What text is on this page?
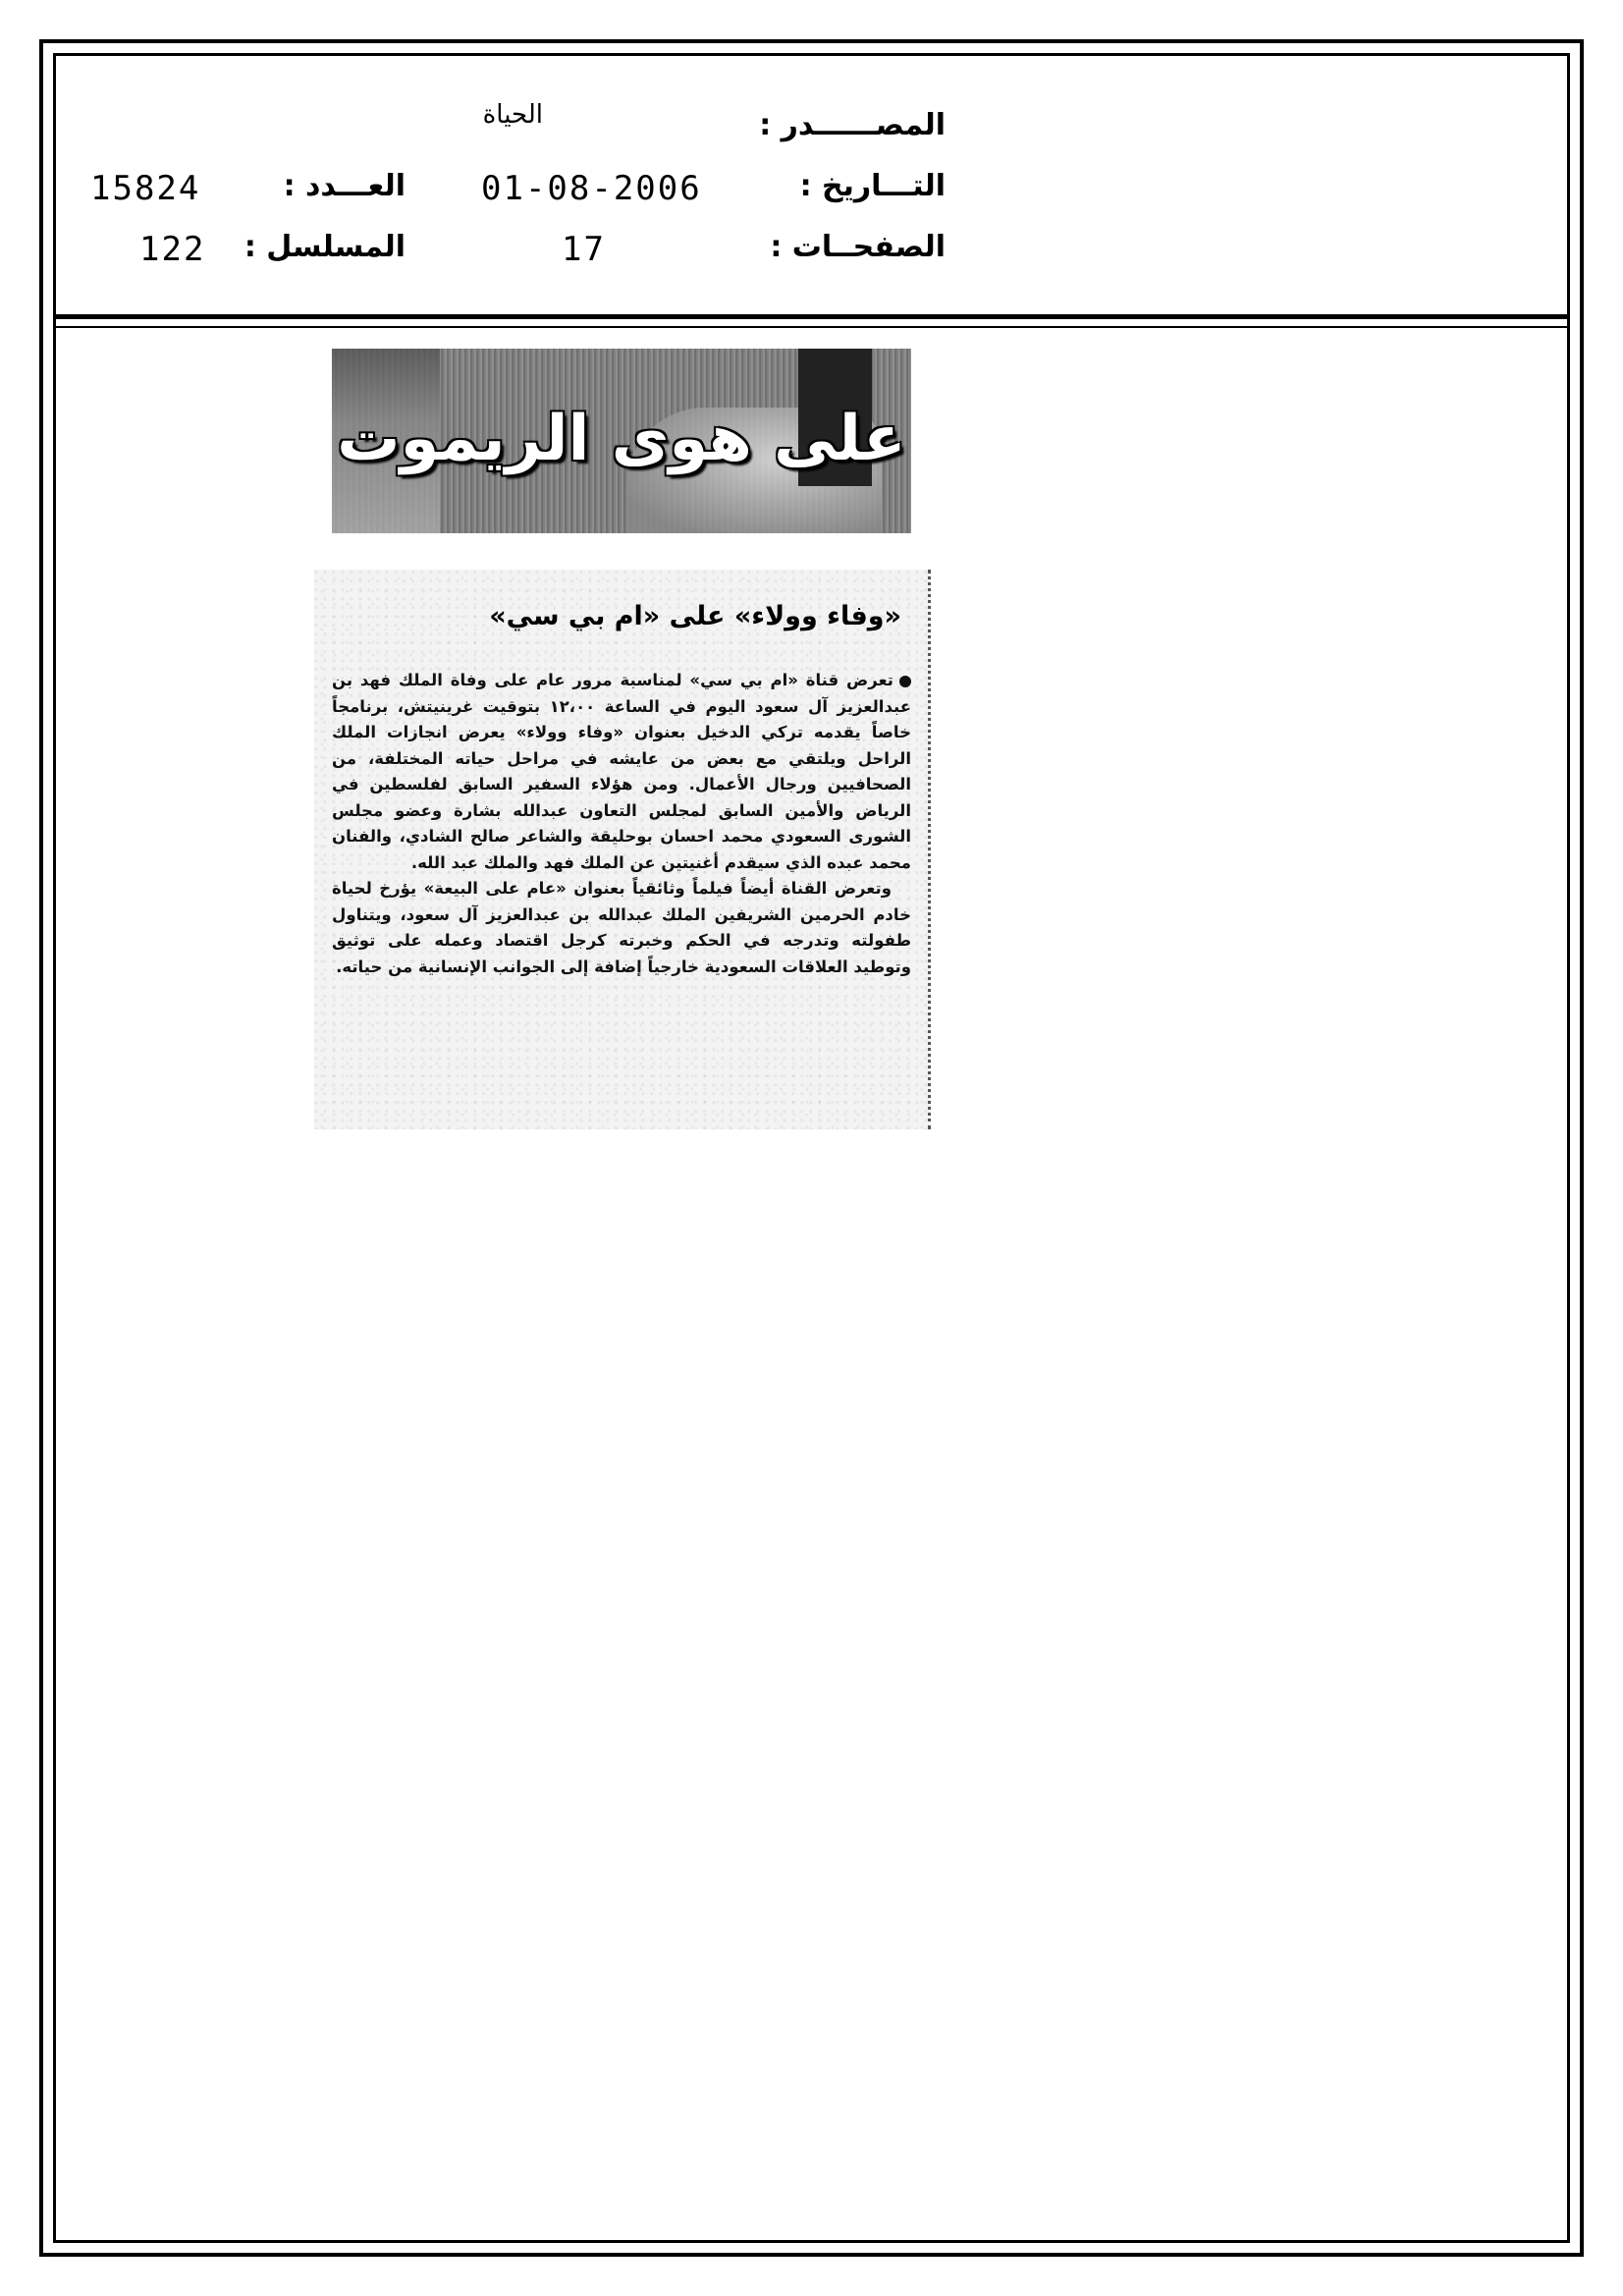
المصــــــدر :
الحياة
التـــاريخ :
01-08-2006
العـــدد :
15824
الصفحــات :
17
المسلسل :
122
على هوى الريموت
«وفاء وولاء» على «ام بي سي»

تعرض قناة «ام بي سي» لمناسبة مرور عام على وفاة الملك فهد بن عبدالعزيز آل سعود اليوم في الساعة ١٢،٠٠ بتوقيت غرينيتش، برنامجاً خاصاً يقدمه تركي الدخيل بعنوان «وفاء وولاء» يعرض انجازات الملك الراحل ويلتقي مع بعض من عايشه في مراحل حياته المختلفة، من الصحافيين ورجال الأعمال. ومن هؤلاء السفير السابق لفلسطين في الرياض والأمين السابق لمجلس التعاون عبدالله بشارة وعضو مجلس الشورى السعودي محمد احسان بوحليقة والشاعر صالح الشادي، والفنان محمد عبده الذي سيقدم أغنيتين عن الملك فهد والملك عبد الله.

وتعرض القناة أيضاً فيلماً وثائقياً بعنوان «عام على البيعة» يؤرخ لحياة خادم الحرمين الشريفين الملك عبدالله بن عبدالعزيز آل سعود، ويتناول طفولته وتدرجه في الحكم وخبرته كرجل اقتصاد وعمله على توثيق وتوطيد العلاقات السعودية خارجياً إضافة إلى الجوانب الإنسانية من حياته.
